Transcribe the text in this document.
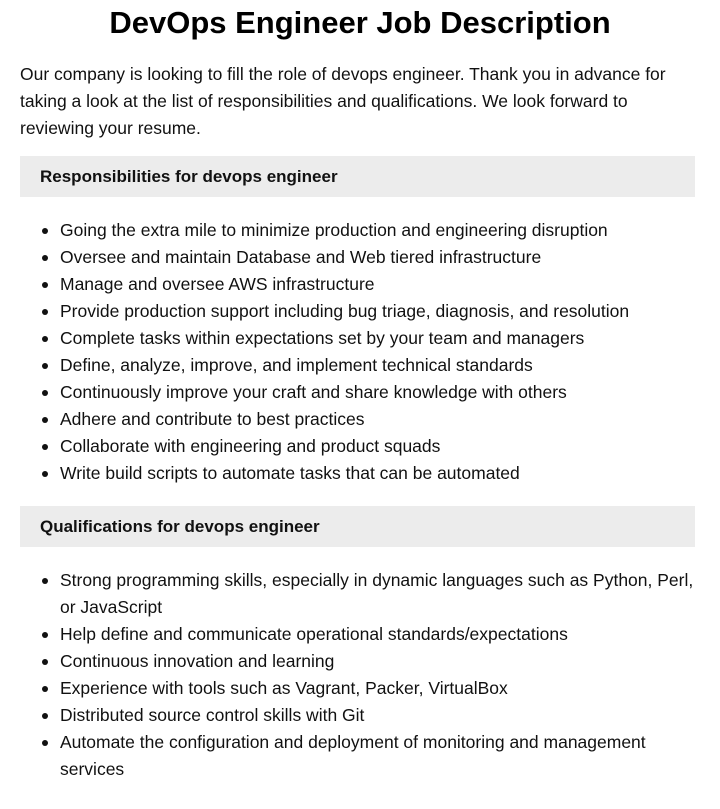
DevOps Engineer Job Description

Our company is looking to fill the role of devops engineer. Thank you in advance for taking a look at the list of responsibilities and qualifications. We look forward to reviewing your resume.

Responsibilities for devops engineer
Going the extra mile to minimize production and engineering disruption
Oversee and maintain Database and Web tiered infrastructure
Manage and oversee AWS infrastructure
Provide production support including bug triage, diagnosis, and resolution
Complete tasks within expectations set by your team and managers
Define, analyze, improve, and implement technical standards
Continuously improve your craft and share knowledge with others
Adhere and contribute to best practices
Collaborate with engineering and product squads
Write build scripts to automate tasks that can be automated
Qualifications for devops engineer
Strong programming skills, especially in dynamic languages such as Python, Perl, or JavaScript
Help define and communicate operational standards/expectations
Continuous innovation and learning
Experience with tools such as Vagrant, Packer, VirtualBox
Distributed source control skills with Git
Automate the configuration and deployment of monitoring and management services
